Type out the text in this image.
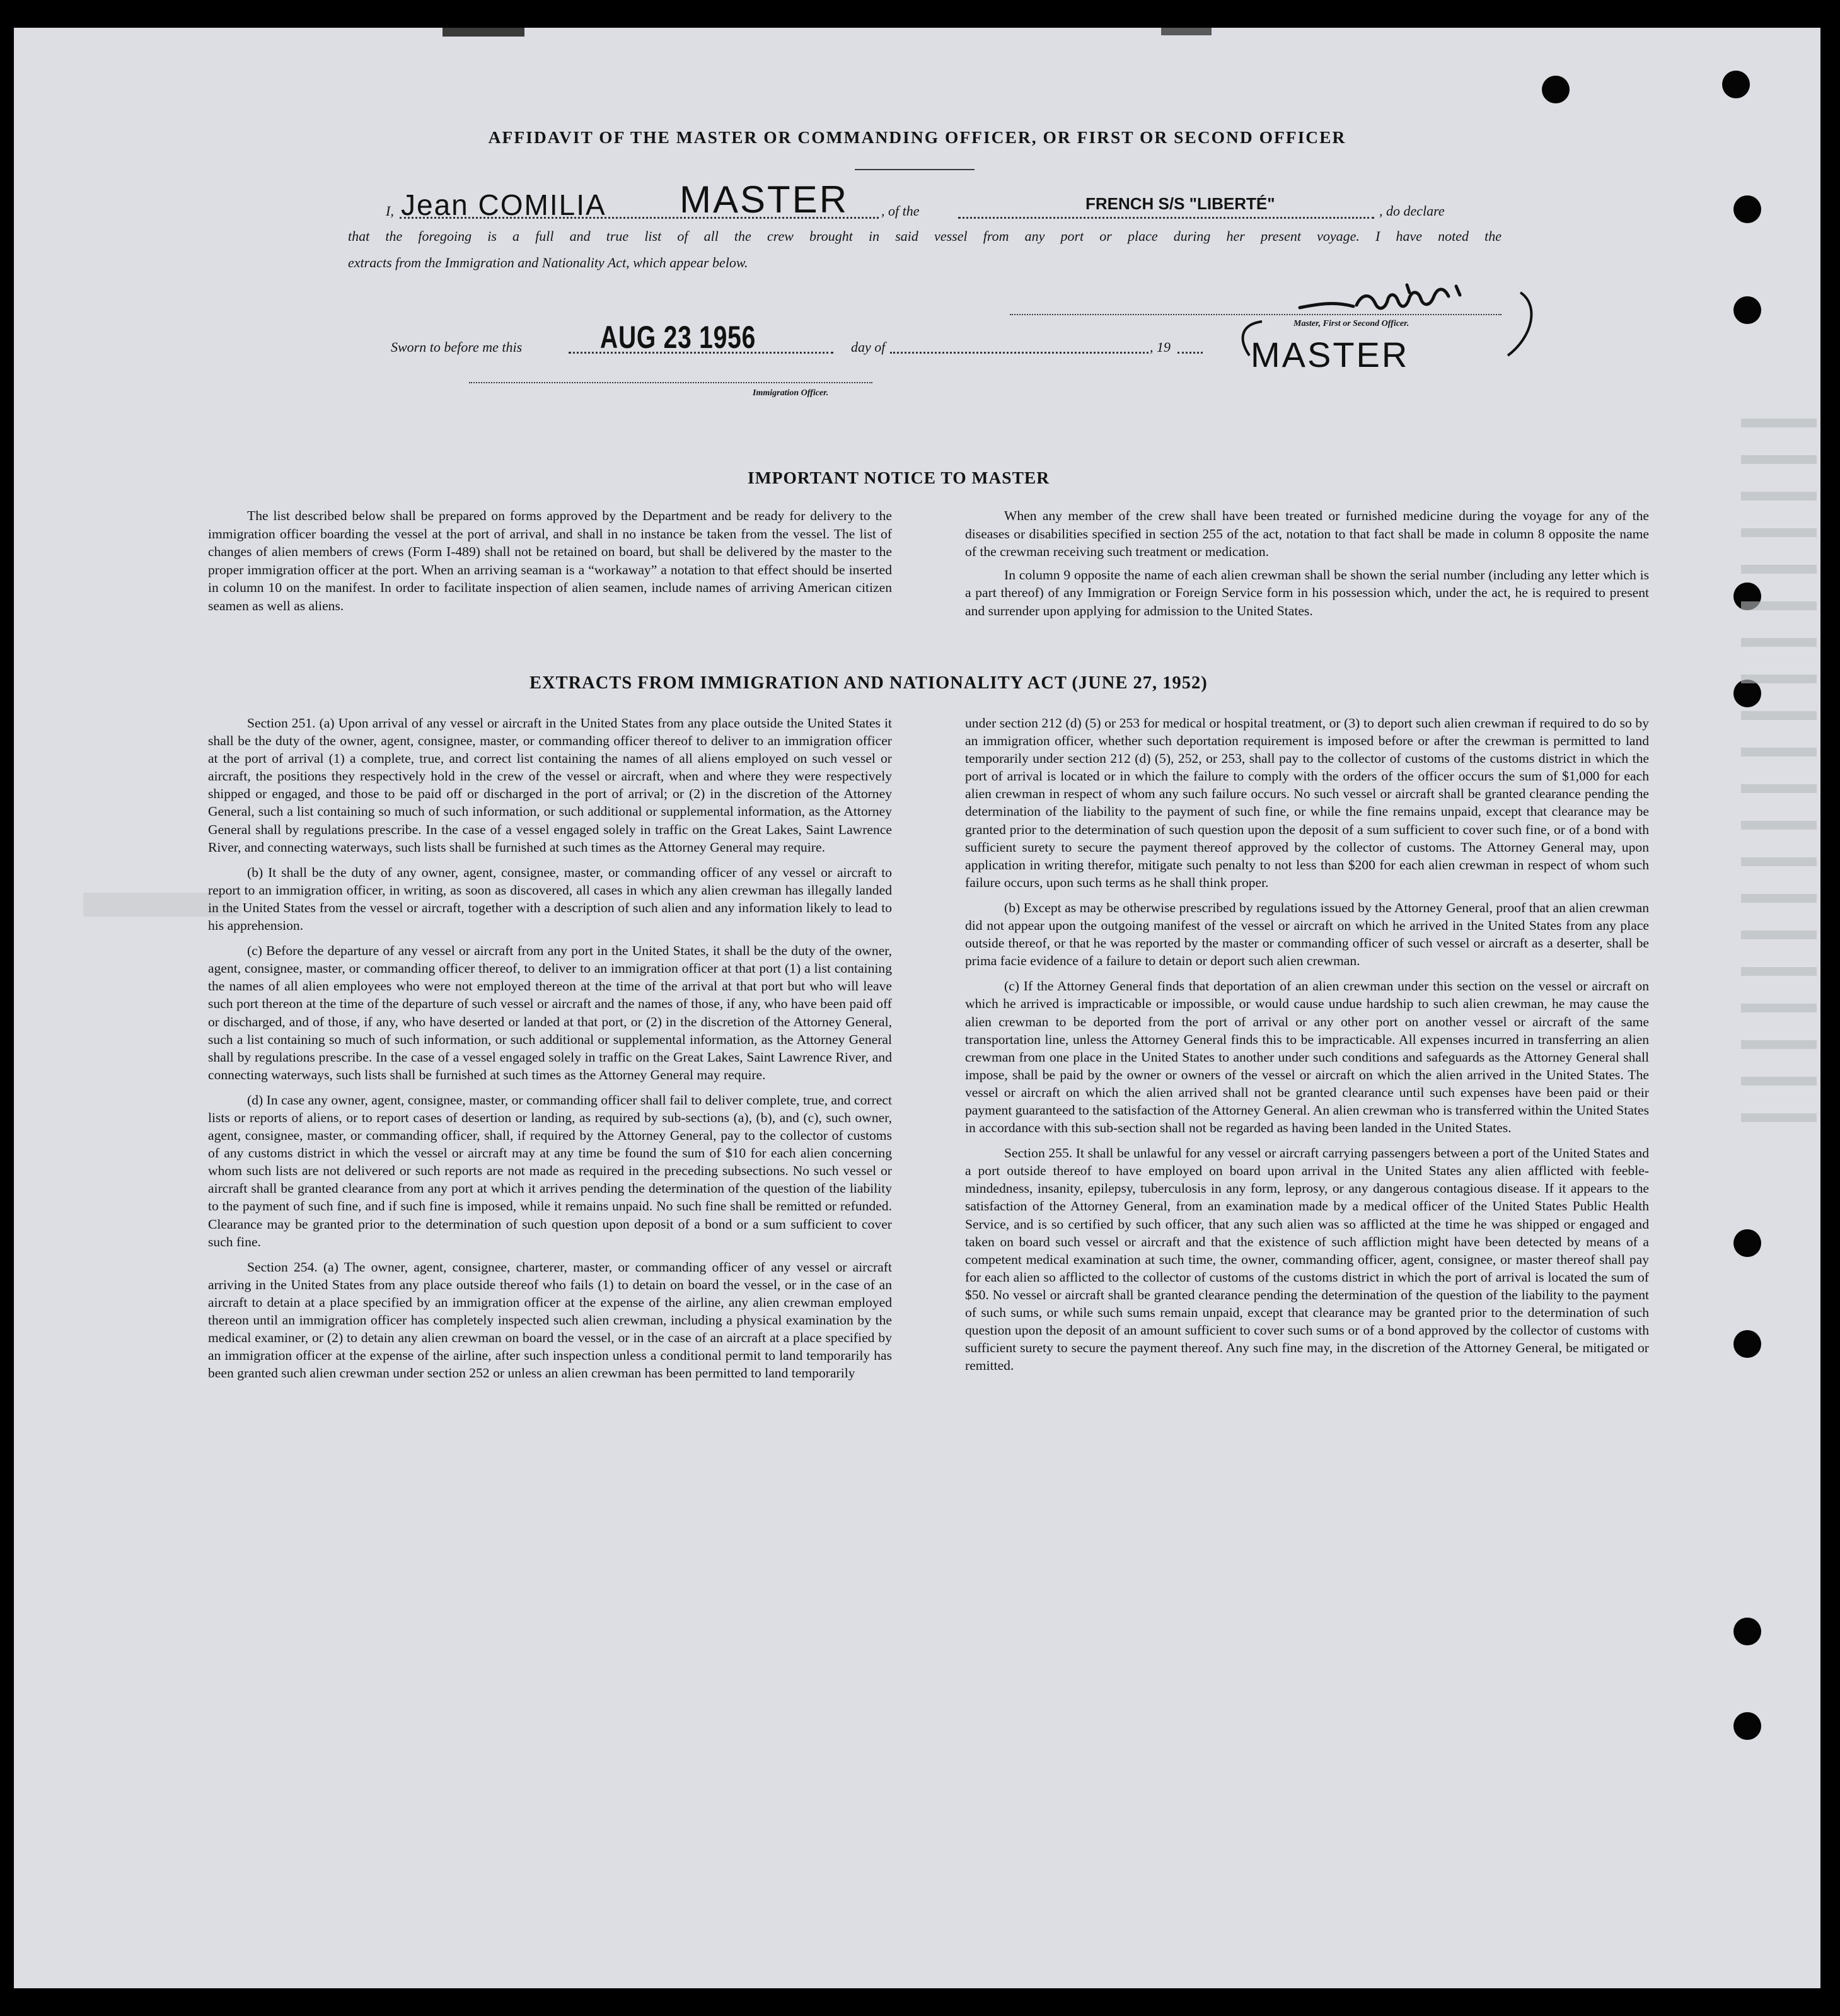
AFFIDAVIT OF THE MASTER OR COMMANDING OFFICER, OR FIRST OR SECOND OFFICER
I, Jean COMILIA MASTER , of the	FRENCH S/S "LIBERTÉ"	, do declare
that the foregoing is a full and true list of all the crew brought in said vessel from any port or place during her present voyage. I have noted the
extracts from the Immigration and Nationality Act, which appear below.
Master, First or Second Officer.
Sworn to before me this AUG 23 1956	day of	, 19 MASTER
Immigration Officer.
IMPORTANT NOTICE TO MASTER

The list described below shall be prepared on forms approved by the Department and be ready for delivery to the immigration officer boarding the vessel at the port of arrival, and shall in no instance be taken from the vessel. The list of changes of alien members of crews (Form I-489) shall not be retained on board, but shall be delivered by the master to the proper immigration officer at the port. When an arriving seaman is a “workaway” a notation to that effect should be inserted in column 10 on the manifest. In order to facilitate inspection of alien seamen, include names of arriving American citizen seamen as well as aliens.

When any member of the crew shall have been treated or furnished medicine during the voyage for any of the diseases or disabilities specified in section 255 of the act, notation to that fact shall be made in column 8 opposite the name of the crewman receiving such treatment or medication.

In column 9 opposite the name of each alien crewman shall be shown the serial number (including any letter which is a part thereof) of any Immigration or Foreign Service form in his possession which, under the act, he is required to present and surrender upon applying for admission to the United States.

EXTRACTS FROM IMMIGRATION AND NATIONALITY ACT (JUNE 27, 1952)

Section 251. (a) Upon arrival of any vessel or aircraft in the United States from any place outside the United States it shall be the duty of the owner, agent, consignee, master, or commanding officer thereof to deliver to an immigration officer at the port of arrival (1) a complete, true, and correct list containing the names of all aliens employed on such vessel or aircraft, the positions they respectively hold in the crew of the vessel or aircraft, when and where they were respectively shipped or engaged, and those to be paid off or discharged in the port of arrival; or (2) in the discretion of the Attorney General, such a list containing so much of such information, or such additional or supplemental information, as the Attorney General shall by regulations prescribe. In the case of a vessel engaged solely in traffic on the Great Lakes, Saint Lawrence River, and connecting waterways, such lists shall be furnished at such times as the Attorney General may require.

(b) It shall be the duty of any owner, agent, consignee, master, or commanding officer of any vessel or aircraft to report to an immigration officer, in writing, as soon as discovered, all cases in which any alien crewman has illegally landed in the United States from the vessel or aircraft, together with a description of such alien and any information likely to lead to his apprehension.

(c) Before the departure of any vessel or aircraft from any port in the United States, it shall be the duty of the owner, agent, consignee, master, or commanding officer thereof, to deliver to an immigration officer at that port (1) a list containing the names of all alien employees who were not employed thereon at the time of the arrival at that port but who will leave such port thereon at the time of the departure of such vessel or aircraft and the names of those, if any, who have been paid off or discharged, and of those, if any, who have deserted or landed at that port, or (2) in the discretion of the Attorney General, such a list containing so much of such information, or such additional or supplemental information, as the Attorney General shall by regulations prescribe. In the case of a vessel engaged solely in traffic on the Great Lakes, Saint Lawrence River, and connecting waterways, such lists shall be furnished at such times as the Attorney General may require.

(d) In case any owner, agent, consignee, master, or commanding officer shall fail to deliver complete, true, and correct lists or reports of aliens, or to report cases of desertion or landing, as required by sub-sections (a), (b), and (c), such owner, agent, consignee, master, or commanding officer, shall, if required by the Attorney General, pay to the collector of customs of any customs district in which the vessel or aircraft may at any time be found the sum of $10 for each alien concerning whom such lists are not delivered or such reports are not made as required in the preceding subsections. No such vessel or aircraft shall be granted clearance from any port at which it arrives pending the determination of the question of the liability to the payment of such fine, and if such fine is imposed, while it remains unpaid. No such fine shall be remitted or refunded. Clearance may be granted prior to the determination of such question upon deposit of a bond or a sum sufficient to cover such fine.

Section 254. (a) The owner, agent, consignee, charterer, master, or commanding officer of any vessel or aircraft arriving in the United States from any place outside thereof who fails (1) to detain on board the vessel, or in the case of an aircraft to detain at a place specified by an immigration officer at the expense of the airline, any alien crewman employed thereon until an immigration officer has completely inspected such alien crewman, including a physical examination by the medical examiner, or (2) to detain any alien crewman on board the vessel, or in the case of an aircraft at a place specified by an immigration officer at the expense of the airline, after such inspection unless a conditional permit to land temporarily has been granted such alien crewman under section 252 or unless an alien crewman has been permitted to land temporarily

under section 212 (d) (5) or 253 for medical or hospital treatment, or (3) to deport such alien crewman if required to do so by an immigration officer, whether such deportation requirement is imposed before or after the crewman is permitted to land temporarily under section 212 (d) (5), 252, or 253, shall pay to the collector of customs of the customs district in which the port of arrival is located or in which the failure to comply with the orders of the officer occurs the sum of $1,000 for each alien crewman in respect of whom any such failure occurs. No such vessel or aircraft shall be granted clearance pending the determination of the liability to the payment of such fine, or while the fine remains unpaid, except that clearance may be granted prior to the determination of such question upon the deposit of a sum sufficient to cover such fine, or of a bond with sufficient surety to secure the payment thereof approved by the collector of customs. The Attorney General may, upon application in writing therefor, mitigate such penalty to not less than $200 for each alien crewman in respect of whom such failure occurs, upon such terms as he shall think proper.

(b) Except as may be otherwise prescribed by regulations issued by the Attorney General, proof that an alien crewman did not appear upon the outgoing manifest of the vessel or aircraft on which he arrived in the United States from any place outside thereof, or that he was reported by the master or commanding officer of such vessel or aircraft as a deserter, shall be prima facie evidence of a failure to detain or deport such alien crewman.

(c) If the Attorney General finds that deportation of an alien crewman under this section on the vessel or aircraft on which he arrived is impracticable or impossible, or would cause undue hardship to such alien crewman, he may cause the alien crewman to be deported from the port of arrival or any other port on another vessel or aircraft of the same transportation line, unless the Attorney General finds this to be impracticable. All expenses incurred in transferring an alien crewman from one place in the United States to another under such conditions and safeguards as the Attorney General shall impose, shall be paid by the owner or owners of the vessel or aircraft on which the alien arrived in the United States. The vessel or aircraft on which the alien arrived shall not be granted clearance until such expenses have been paid or their payment guaranteed to the satisfaction of the Attorney General. An alien crewman who is transferred within the United States in accordance with this sub-section shall not be regarded as having been landed in the United States.

Section 255. It shall be unlawful for any vessel or aircraft carrying passengers between a port of the United States and a port outside thereof to have employed on board upon arrival in the United States any alien afflicted with feeble-mindedness, insanity, epilepsy, tuberculosis in any form, leprosy, or any dangerous contagious disease. If it appears to the satisfaction of the Attorney General, from an examination made by a medical officer of the United States Public Health Service, and is so certified by such officer, that any such alien was so afflicted at the time he was shipped or engaged and taken on board such vessel or aircraft and that the existence of such affliction might have been detected by means of a competent medical examination at such time, the owner, commanding officer, agent, consignee, or master thereof shall pay for each alien so afflicted to the collector of customs of the customs district in which the port of arrival is located the sum of $50. No vessel or aircraft shall be granted clearance pending the determination of the question of the liability to the payment of such sums, or while such sums remain unpaid, except that clearance may be granted prior to the determination of such question upon the deposit of an amount sufficient to cover such sums or of a bond approved by the collector of customs with sufficient surety to secure the payment thereof. Any such fine may, in the discretion of the Attorney General, be mitigated or remitted.
